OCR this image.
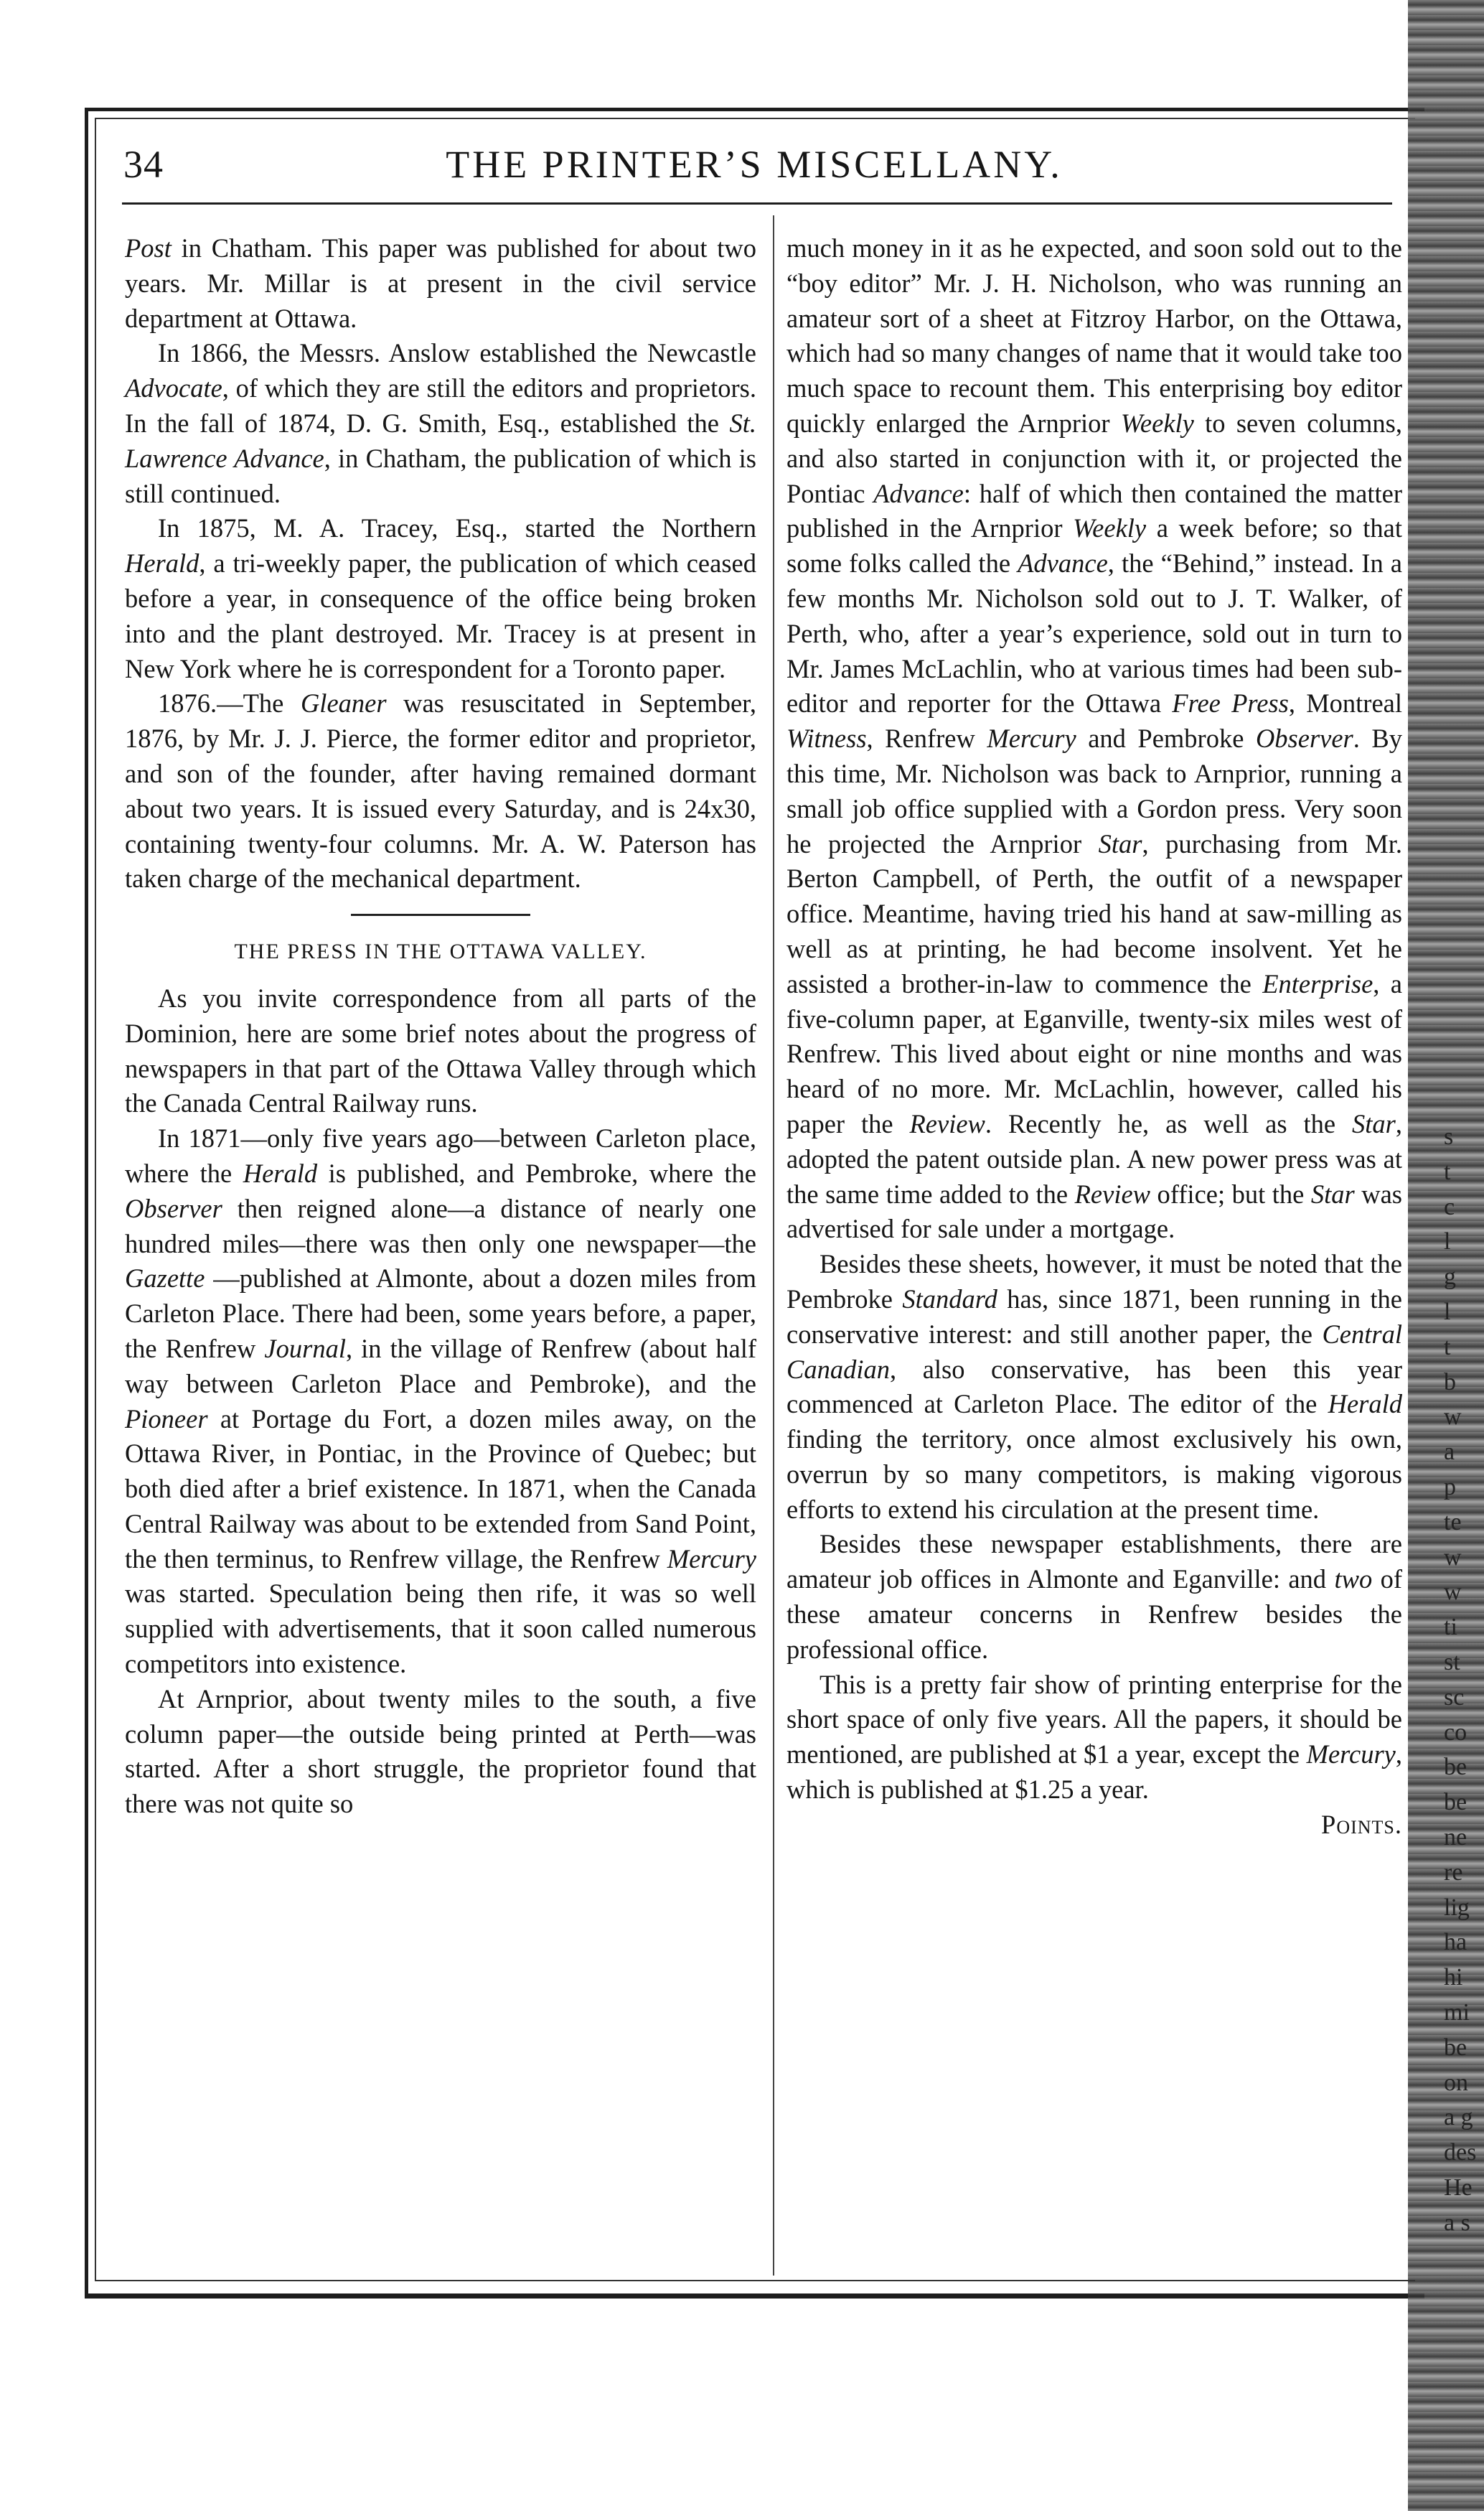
34	THE PRINTER’S MISCELLANY.

Post in Chatham. This paper was published for about two years. Mr. Millar is at present in the civil service department at Ottawa.

In 1866, the Messrs. Anslow established the Newcastle Advocate, of which they are still the editors and proprietors. In the fall of 1874, D. G. Smith, Esq., established the St. Lawrence Advance, in Chatham, the publication of which is still continued.

In 1875, M. A. Tracey, Esq., started the Northern Herald, a tri-weekly paper, the publication of which ceased before a year, in consequence of the office being broken into and the plant destroyed. Mr. Tracey is at present in New York where he is correspondent for a Toronto paper.

1876.—The Gleaner was resuscitated in September, 1876, by Mr. J. J. Pierce, the former editor and proprietor, and son of the founder, after having remained dormant about two years. It is issued every Saturday, and is 24x30, containing twenty-four columns. Mr. A. W. Paterson has taken charge of the mechanical department.

THE PRESS IN THE OTTAWA VALLEY.

As you invite correspondence from all parts of the Dominion, here are some brief notes about the progress of newspapers in that part of the Ottawa Valley through which the Canada Central Railway runs.

In 1871—only five years ago—between Carleton place, where the Herald is published, and Pembroke, where the Observer then reigned alone—a distance of nearly one hundred miles—there was then only one newspaper—the Gazette —published at Almonte, about a dozen miles from Carleton Place. There had been, some years before, a paper, the Renfrew Journal, in the village of Renfrew (about half way between Carleton Place and Pembroke), and the Pioneer at Portage du Fort, a dozen miles away, on the Ottawa River, in Pontiac, in the Province of Quebec; but both died after a brief existence. In 1871, when the Canada Central Railway was about to be extended from Sand Point, the then terminus, to Renfrew village, the Renfrew Mercury was started. Speculation being then rife, it was so well supplied with advertisements, that it soon called numerous competitors into existence.

At Arnprior, about twenty miles to the south, a five column paper—the outside being printed at Perth—was started. After a short struggle, the proprietor found that there was not quite so

much money in it as he expected, and soon sold out to the “boy editor” Mr. J. H. Nicholson, who was running an amateur sort of a sheet at Fitzroy Harbor, on the Ottawa, which had so many changes of name that it would take too much space to recount them. This enterprising boy editor quickly enlarged the Arnprior Weekly to seven columns, and also started in conjunction with it, or projected the Pontiac Advance: half of which then contained the matter published in the Arnprior Weekly a week before; so that some folks called the Advance, the “Behind,” instead. In a few months Mr. Nicholson sold out to J. T. Walker, of Perth, who, after a year’s experience, sold out in turn to Mr. James McLachlin, who at various times had been sub-editor and reporter for the Ottawa Free Press, Montreal Witness, Renfrew Mercury and Pembroke Observer. By this time, Mr. Nicholson was back to Arnprior, running a small job office supplied with a Gordon press. Very soon he projected the Arnprior Star, purchasing from Mr. Berton Campbell, of Perth, the outfit of a newspaper office. Meantime, having tried his hand at saw-milling as well as at printing, he had become insolvent. Yet he assisted a brother-in-law to commence the Enterprise, a five-column paper, at Eganville, twenty-six miles west of Renfrew. This lived about eight or nine months and was heard of no more. Mr. McLachlin, however, called his paper the Review. Recently he, as well as the Star, adopted the patent outside plan. A new power press was at the same time added to the Review office; but the Star was advertised for sale under a mortgage.

Besides these sheets, however, it must be noted that the Pembroke Standard has, since 1871, been running in the conservative interest: and still another paper, the Central Canadian, also conservative, has been this year commenced at Carleton Place. The editor of the Herald finding the territory, once almost exclusively his own, overrun by so many competitors, is making vigorous efforts to extend his circulation at the present time.

Besides these newspaper establishments, there are amateur job offices in Almonte and Eganville: and two of these amateur concerns in Renfrew besides the professional office.

This is a pretty fair show of printing enterprise for the short space of only five years. All the papers, it should be mentioned, are published at $1 a year, except the Mercury, which is published at $1.25 a year.

Points.

s
t
c
l
g
l
t
b
w
a
p
te
w
w
ti
st
sc
co
be
be
ne
re
lig
ha
hi
mi
be
on
a g
des
He
a s
